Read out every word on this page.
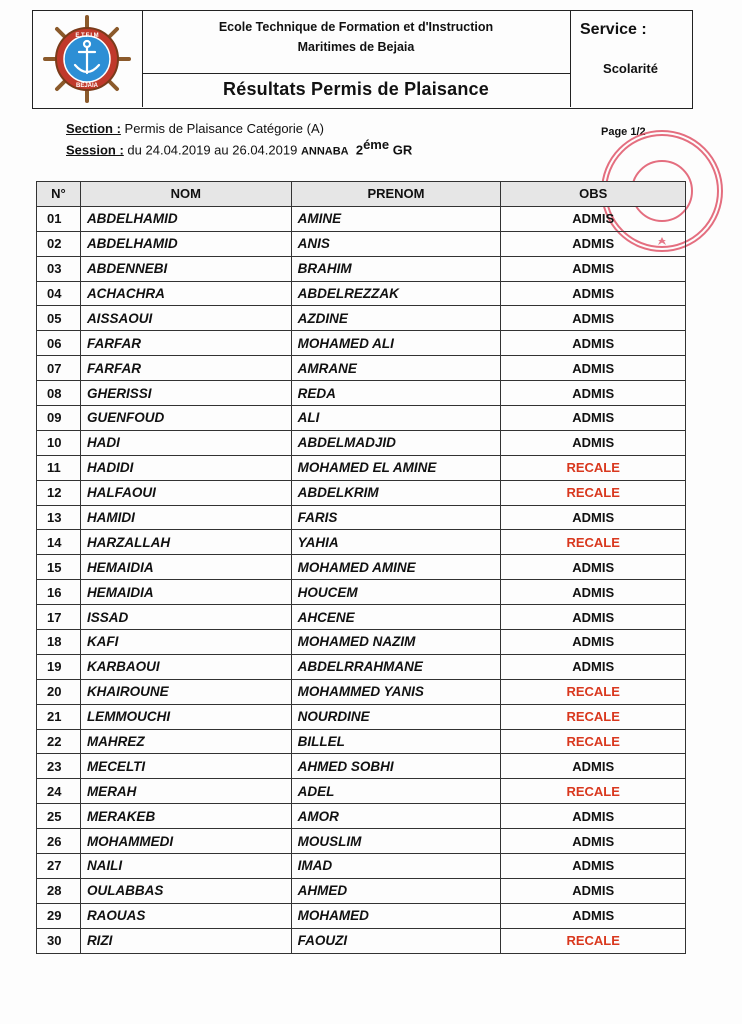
E.T.F.I.M
BEJAIA
Ecole Technique de Formation et d'Instruction
Maritimes de Bejaia
Résultats Permis de Plaisance
Service :
Scolarité
Section : Permis de Plaisance Catégorie (A)
Session : du 24.04.2019 au 26.04.2019 ANNABA $2^{éme}$ GR
Page 1/2
N°	NOM	PRENOM	OBS
01	ABDELHAMID	AMINE	ADMIS
02	ABDELHAMID	ANIS	ADMIS
03	ABDENNEBI	BRAHIM	ADMIS
04	ACHACHRA	ABDELREZZAK	ADMIS
05	AISSAOUI	AZDINE	ADMIS
06	FARFAR	MOHAMED ALI	ADMIS
07	FARFAR	AMRANE	ADMIS
08	GHERISSI	REDA	ADMIS
09	GUENFOUD	ALI	ADMIS
10	HADI	ABDELMADJID	ADMIS
11	HADIDI	MOHAMED EL AMINE	RECALE
12	HALFAOUI	ABDELKRIM	RECALE
13	HAMIDI	FARIS	ADMIS
14	HARZALLAH	YAHIA	RECALE
15	HEMAIDIA	MOHAMED AMINE	ADMIS
16	HEMAIDIA	HOUCEM	ADMIS
17	ISSAD	AHCENE	ADMIS
18	KAFI	MOHAMED NAZIM	ADMIS
19	KARBAOUI	ABDELRRAHMANE	ADMIS
20	KHAIROUNE	MOHAMMED YANIS	RECALE
21	LEMMOUCHI	NOURDINE	RECALE
22	MAHREZ	BILLEL	RECALE
23	MECELTI	AHMED SOBHI	ADMIS
24	MERAH	ADEL	RECALE
25	MERAKEB	AMOR	ADMIS
26	MOHAMMEDI	MOUSLIM	ADMIS
27	NAILI	IMAD	ADMIS
28	OULABBAS	AHMED	ADMIS
29	RAOUAS	MOHAMED	ADMIS
30	RIZI	FAOUZI	RECALE
